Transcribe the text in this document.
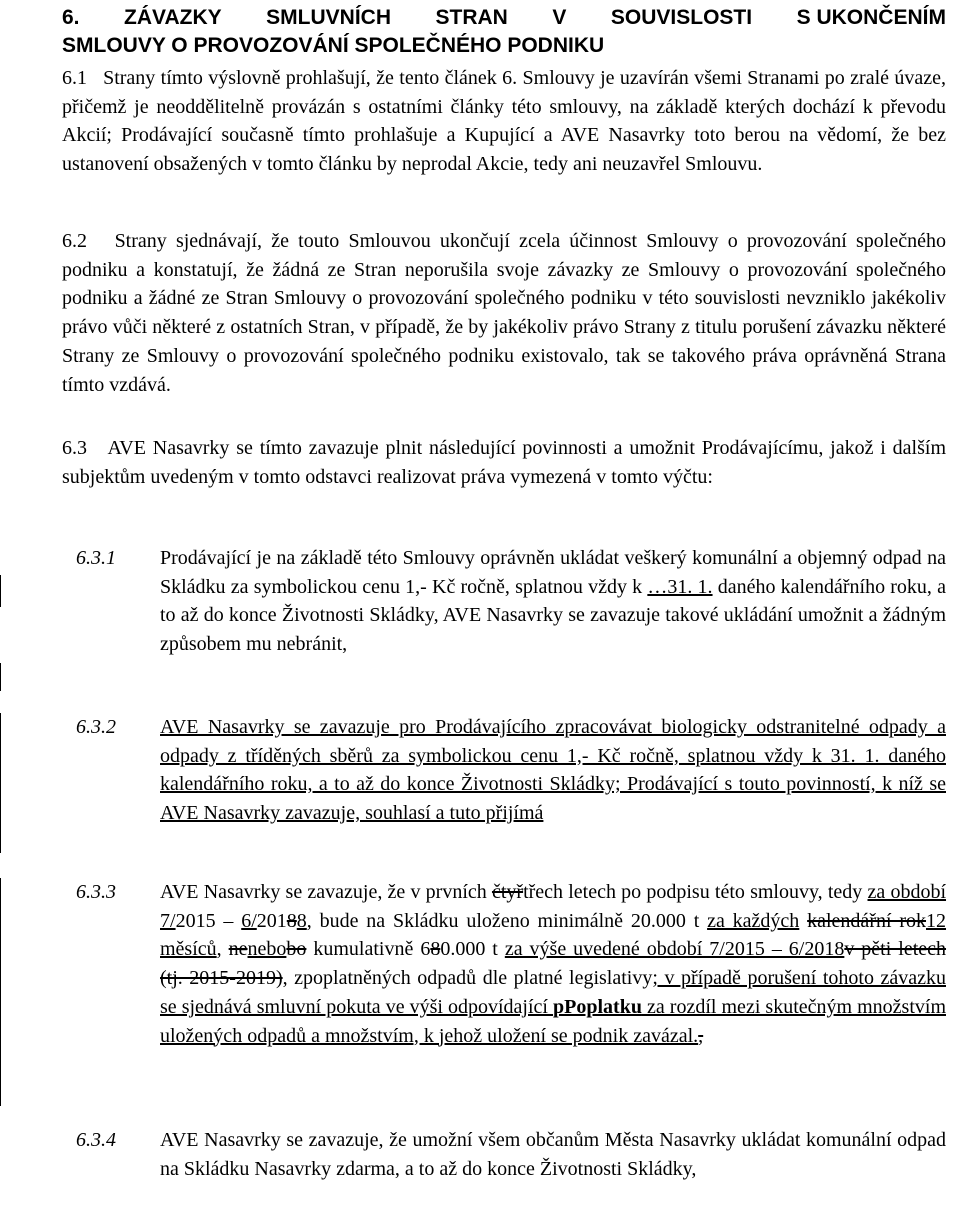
6. ZÁVAZKY SMLUVNÍCH STRAN V SOUVISLOSTI S UKONČENÍM
SMLOUVY O PROVOZOVÁNÍ SPOLEČNÉHO PODNIKU
6.1 Strany tímto výslovně prohlašují, že tento článek 6. Smlouvy je uzavírán všemi Stranami po zralé úvaze, přičemž je neoddělitelně provázán s ostatními články této smlouvy, na základě kterých dochází k převodu Akcií; Prodávající současně tímto prohlašuje a Kupující a AVE Nasavrky toto berou na vědomí, že bez ustanovení obsažených v tomto článku by neprodal Akcie, tedy ani neuzavřel Smlouvu.
6.2 Strany sjednávají, že touto Smlouvou ukončují zcela účinnost Smlouvy o provozování společného podniku a konstatují, že žádná ze Stran neporušila svoje závazky ze Smlouvy o provozování společného podniku a žádné ze Stran Smlouvy o provozování společného podniku v této souvislosti nevzniklo jakékoliv právo vůči některé z ostatních Stran, v případě, že by jakékoliv právo Strany z titulu porušení závazku některé Strany ze Smlouvy o provozování společného podniku existovalo, tak se takového práva oprávněná Strana tímto vzdává.
6.3 AVE Nasavrky se tímto zavazuje plnit následující povinnosti a umožnit Prodávajícímu, jakož i dalším subjektům uvedeným v tomto odstavci realizovat práva vymezená v tomto výčtu:
6.3.1 Prodávající je na základě této Smlouvy oprávněn ukládat veškerý komunální a objemný odpad na Skládku za symbolickou cenu 1,- Kč ročně, splatnou vždy k …31. 1. daného kalendářního roku, a to až do konce Životnosti Skládky, AVE Nasavrky se zavazuje takové ukládání umožnit a žádným způsobem mu nebránit,
6.3.2 AVE Nasavrky se zavazuje pro Prodávajícího zpracovávat biologicky odstranitelné odpady a odpady z tříděných sběrů za symbolickou cenu 1,- Kč ročně, splatnou vždy k 31. 1. daného kalendářního roku, a to až do konce Životnosti Skládky; Prodávající s touto povinností, k níž se AVE Nasavrky zavazuje, souhlasí a tuto přijímá
6.3.3 AVE Nasavrky se zavazuje, že v prvních čtyřtřech letech po podpisu této smlouvy, tedy za období 7/2015 – 6/20188, bude na Skládku uloženo minimálně 20.000 t za každých kalendářní rok12 měsíců, nenebobo kumulativně 680.000 t za výše uvedené období 7/2015 – 6/2018v pěti letech (tj. 2015-2019), zpoplatněných odpadů dle platné legislativy; v případě porušení tohoto závazku se sjednává smluvní pokuta ve výši odpovídající pPoplatku za rozdíl mezi skutečným množstvím uložených odpadů a množstvím, k jehož uložení se podnik zavázal.,
6.3.4 AVE Nasavrky se zavazuje, že umožní všem občanům Města Nasavrky ukládat komunální odpad na Skládku Nasavrky zdarma, a to až do konce Životnosti Skládky,
